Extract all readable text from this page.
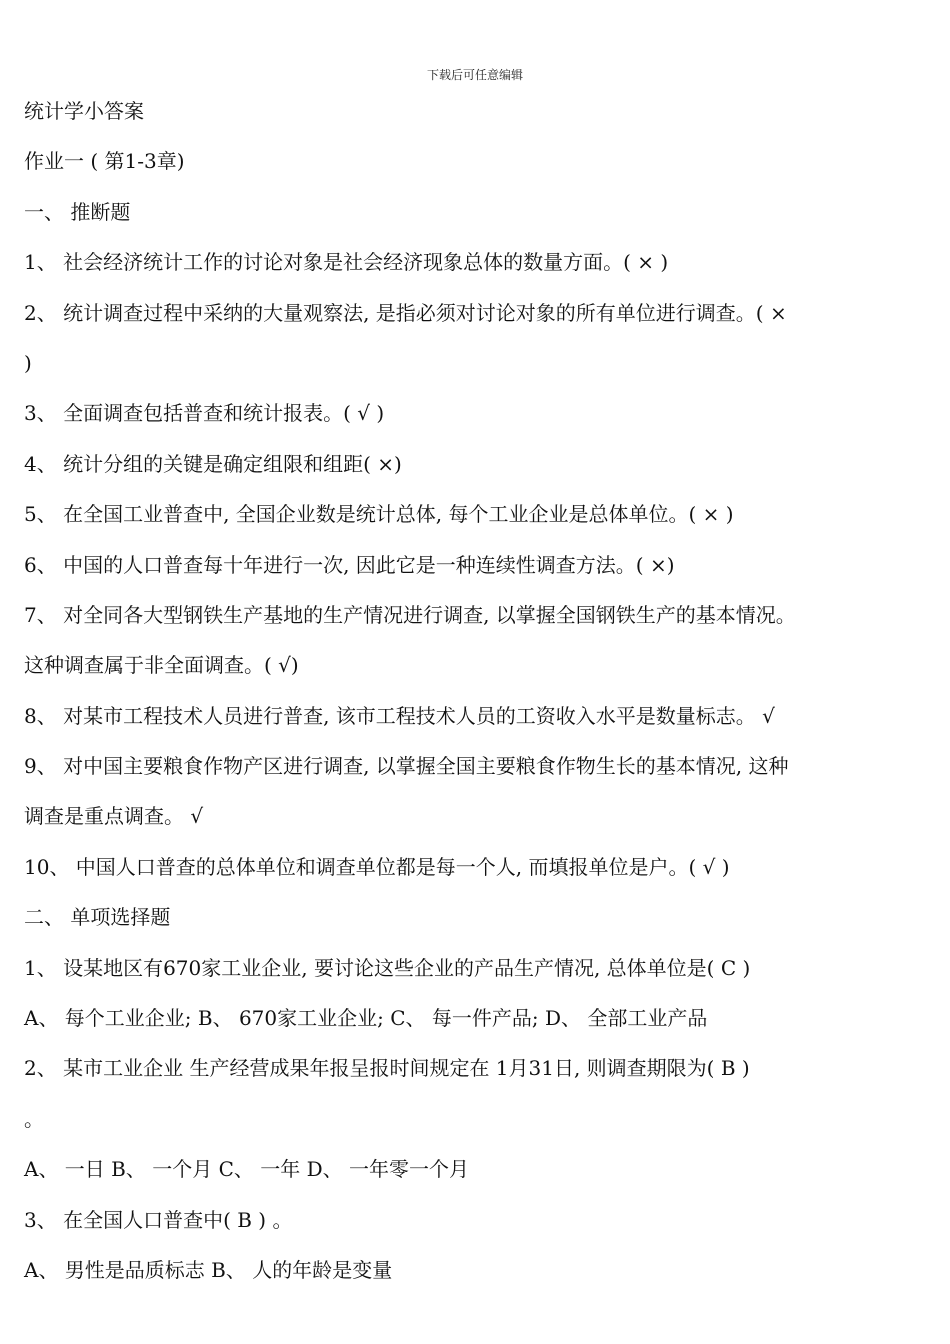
下载后可任意编辑
统计学小答案
作业一 ( 第1-3章)
一、 推断题
1、 社会经济统计工作的讨论对象是社会经济现象总体的数量方面。( × )
2、 统计调查过程中采纳的大量观察法, 是指必须对讨论对象的所有单位进行调查。( ×
)
3、 全面调查包括普查和统计报表。( √ )
4、 统计分组的关键是确定组限和组距( ×)
5、 在全国工业普查中, 全国企业数是统计总体, 每个工业企业是总体单位。( × )
6、 中国的人口普查每十年进行一次, 因此它是一种连续性调查方法。( ×)
7、 对全同各大型钢铁生产基地的生产情况进行调查, 以掌握全国钢铁生产的基本情况。
这种调查属于非全面调查。( √)
8、 对某市工程技术人员进行普查, 该市工程技术人员的工资收入水平是数量标志。 √
9、 对中国主要粮食作物产区进行调查, 以掌握全国主要粮食作物生长的基本情况, 这种
调查是重点调查。 √
10、 中国人口普查的总体单位和调查单位都是每一个人, 而填报单位是户。( √ )
二、 单项选择题
1、 设某地区有670家工业企业, 要讨论这些企业的产品生产情况, 总体单位是( C )
A、 每个工业企业; B、 670家工业企业; C、 每一件产品; D、 全部工业产品
2、 某市工业企业 生产经营成果年报呈报时间规定在 1月31日, 则调查期限为( B )
。
A、 一日 B、 一个月 C、 一年 D、 一年零一个月
3、 在全国人口普查中( B ) 。
A、 男性是品质标志 B、 人的年龄是变量
